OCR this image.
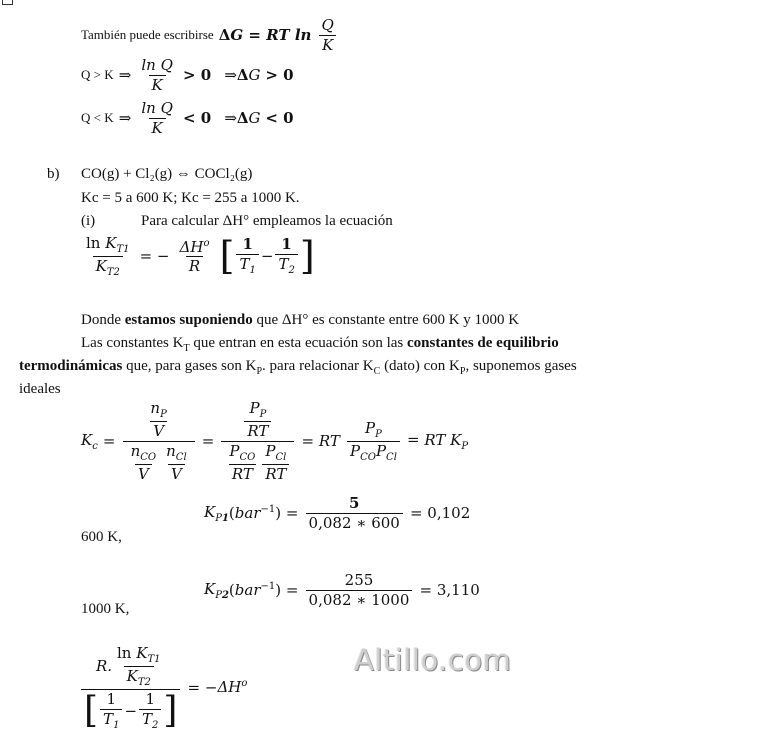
También puede escribirse ΔG = RT $\ln \frac{Q}{K}$
Q > K ⇒ $\frac{\text{ln Q}}{K} > 0$ ⇒ΔG > 0
Q < K ⇒ $\frac{\text{ln Q}}{K} < 0$ ⇒ΔG < 0
b) CO(g) + Cl₂(g) ⇔ COCl₂(g)
Kc = 5 a 600 K; Kc = 255 a 1000 K.
(i)	Para calcular ΔH° empleamos la ecuación
$\frac{\ln K_{T1}}{K_{T2}}$ = − $\frac{\Delta H^o}{R}$ [ $\frac{1}{T_1} - \frac{1}{T_2}$ ]
Donde estamos suponiendo que ΔH° es constante entre 600 K y 1000 K
Las constantes $K_T$ que entran en esta ecuación son las constantes de equilibrio
termodinámicas que, para gases son $K_P$. para relacionar $K_C$ (dato) con $K_P$, suponemos gases
ideales
$K_c = \frac{\frac{n_P}{V}}{\frac{n_{CO}}{V} \frac{n_{Cl}}{V}} = \frac{\frac{P_P}{RT}}{\frac{P_{CO}}{RT} \frac{P_{Cl}}{RT}}$ = RT $\frac{P_P}{P_{CO}P_{Cl}}$ = RT $K_P$
600 K,
$K_{P1}(bar^{-1}) = \frac{5}{0,082 ∗ 600} = 0,102$
1000 K,
$K_{P2}(bar^{-1}) = \frac{255}{0,082 ∗ 1000} = 3,110$
$\frac{R. \frac{\ln K_{T1}}{K_{T2}}}{[ \frac{1}{T_1} - \frac{1}{T_2} ]} = -\Delta H^o$
Altillo.com
